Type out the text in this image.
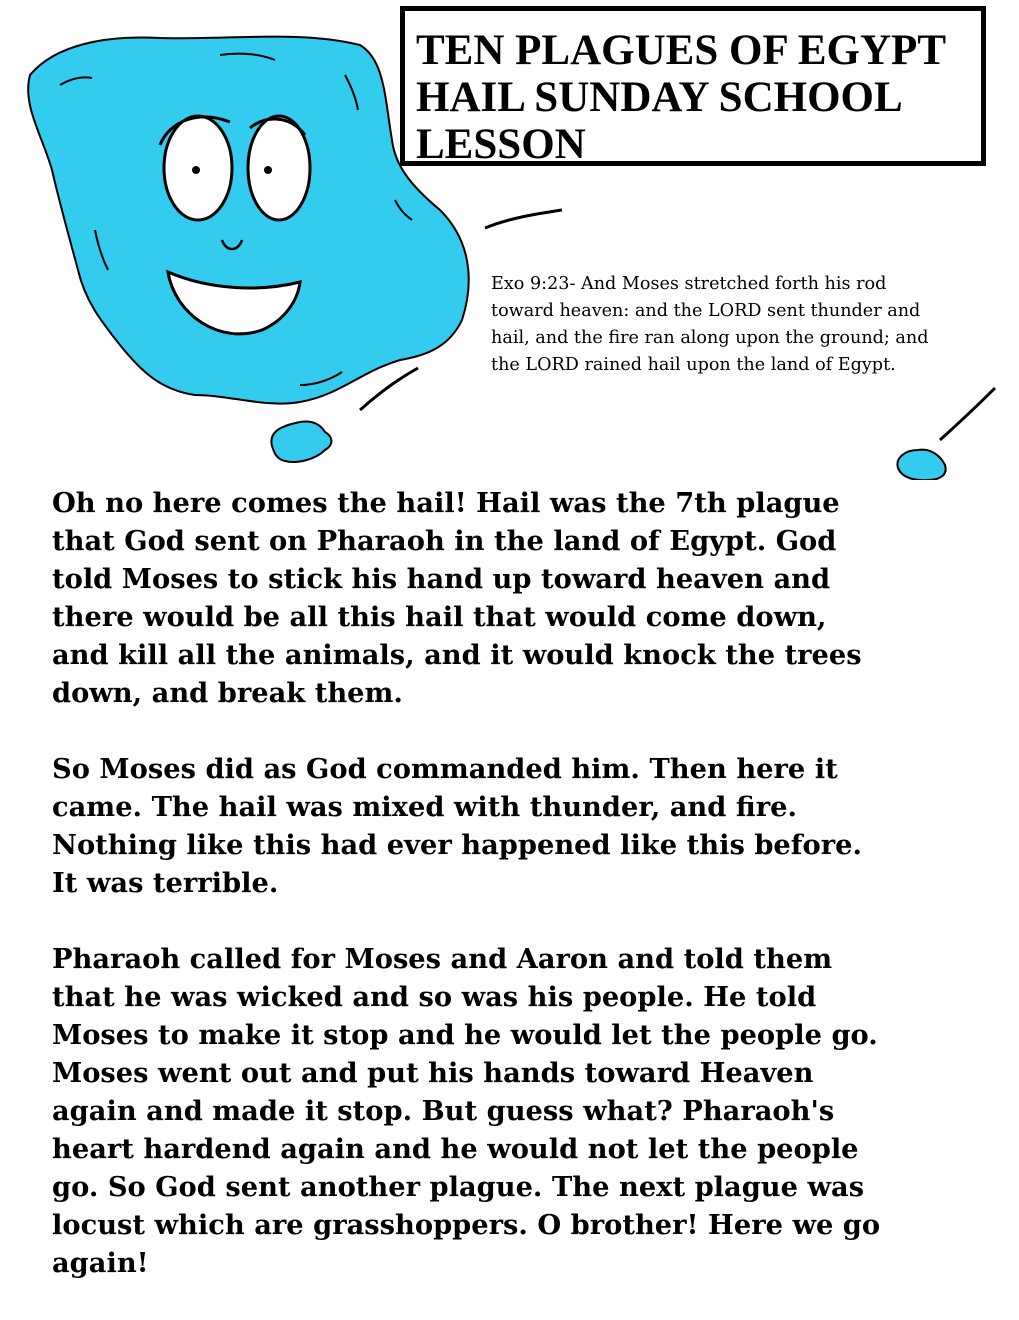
TEN PLAGUES OF EGYPT
HAIL SUNDAY SCHOOL
LESSON
Exo 9:23- And Moses stretched forth his rod
toward heaven: and the LORD sent thunder and
hail, and the fire ran along upon the ground; and
the LORD rained hail upon the land of Egypt.

Oh no here comes the hail! Hail was the 7th plague
that God sent on Pharaoh in the land of Egypt. God
told Moses to stick his hand up toward heaven and
there would be all this hail that would come down,
and kill all the animals, and it would knock the trees
down, and break them.

So Moses did as God commanded him. Then here it
came. The hail was mixed with thunder, and fire.
Nothing like this had ever happened like this before.
It was terrible.

Pharaoh called for Moses and Aaron and told them
that he was wicked and so was his people. He told
Moses to make it stop and he would let the people go.
Moses went out and put his hands toward Heaven
again and made it stop. But guess what? Pharaoh's
heart hardend again and he would not let the people
go. So God sent another plague. The next plague was
locust which are grasshoppers. O brother! Here we go
again!
